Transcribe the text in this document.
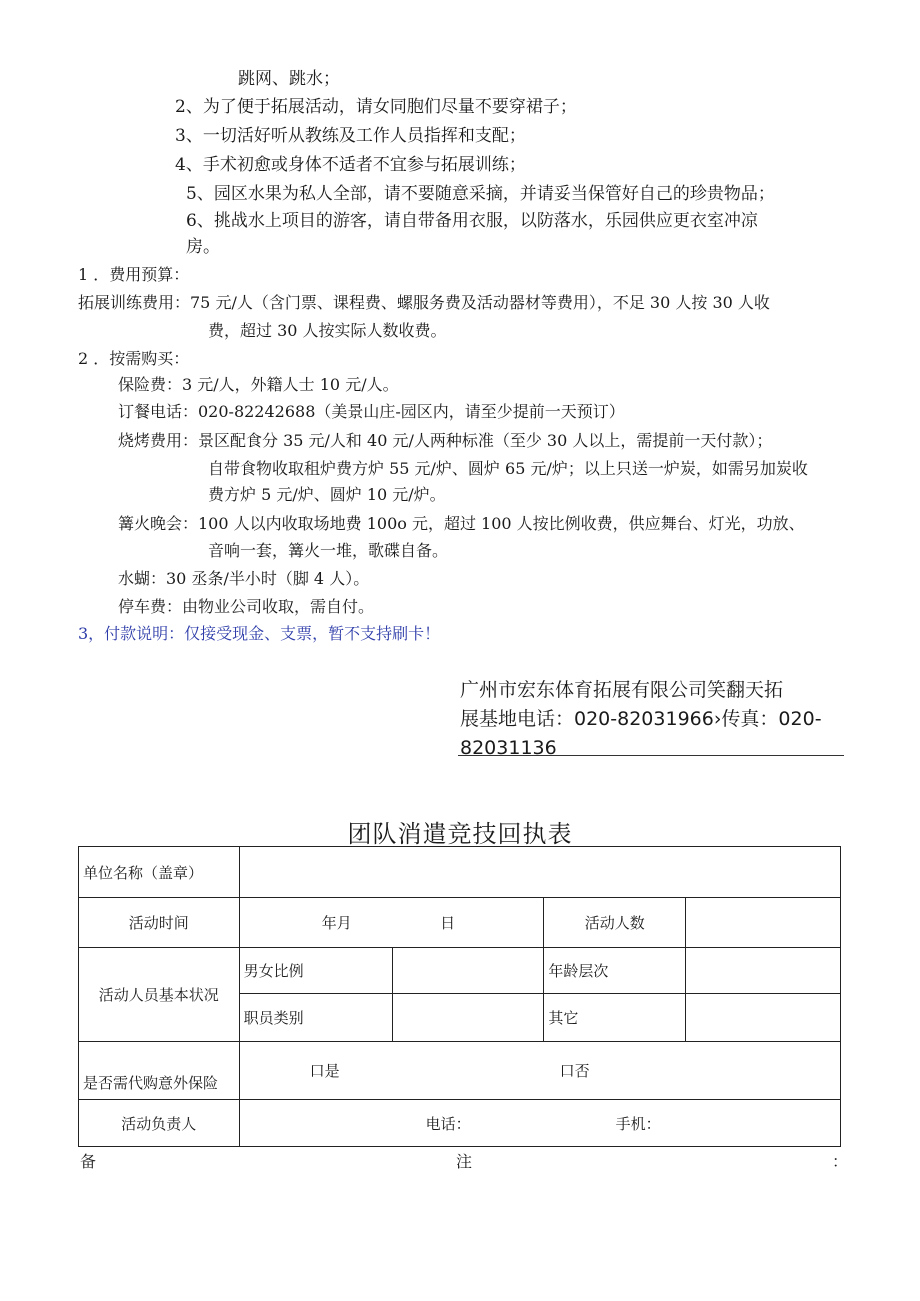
跳网、跳水；
2、为了便于拓展活动，请女同胞们尽量不要穿裙子；
3、一切活好听从教练及工作人员指挥和支配；
4、手术初愈或身体不适者不宜参与拓展训练；
5、园区水果为私人全部，请不要随意采摘，并请妥当保管好自己的珍贵物品；
6、挑战水上项目的游客，请自带备用衣服，以防落水，乐园供应更衣室冲凉
房。
1 ．费用预算：
拓展训练费用：75 元/人（含门票、课程费、螺服务费及活动器材等费用），不足 30 人按 30 人收
费，超过 30 人按实际人数收费。
2 ．按需购买：
保险费：3 元/人，外籍人士 10 元/人。
订餐电话：020-82242688（美景山庄-园区内，请至少提前一天预订）
烧烤费用：景区配食分 35 元/人和 40 元/人两种标准（至少 30 人以上，需提前一天付款）；
自带食物收取租炉费方炉 55 元/炉、圆炉 65 元/炉；以上只送一炉炭，如需另加炭收
费方炉 5 元/炉、圆炉 10 元/炉。
篝火晚会：100 人以内收取场地费 100o 元，超过 100 人按比例收费，供应舞台、灯光，功放、
音响一套，篝火一堆，歌碟自备。
水蝴：30 丞条/半小时（脚 4 人）。
停车费：由物业公司收取，需自付。
3，付款说明：仅接受现金、支票，暂不支持刷卡！
广州市宏东体育拓展有限公司笑翻天拓
展基地电话：020-82031966›传真：020-
82031136
团队消遣竞技回执表
单位名称（盖章）				
活动时间	年月 日		活动人数	
活动人员基本状况	男女比例		年龄层次	
	职员类别		其它	
是否需代购意外保险	口是 口否			

活动负责人	电话： 手机：			
备	注	：
